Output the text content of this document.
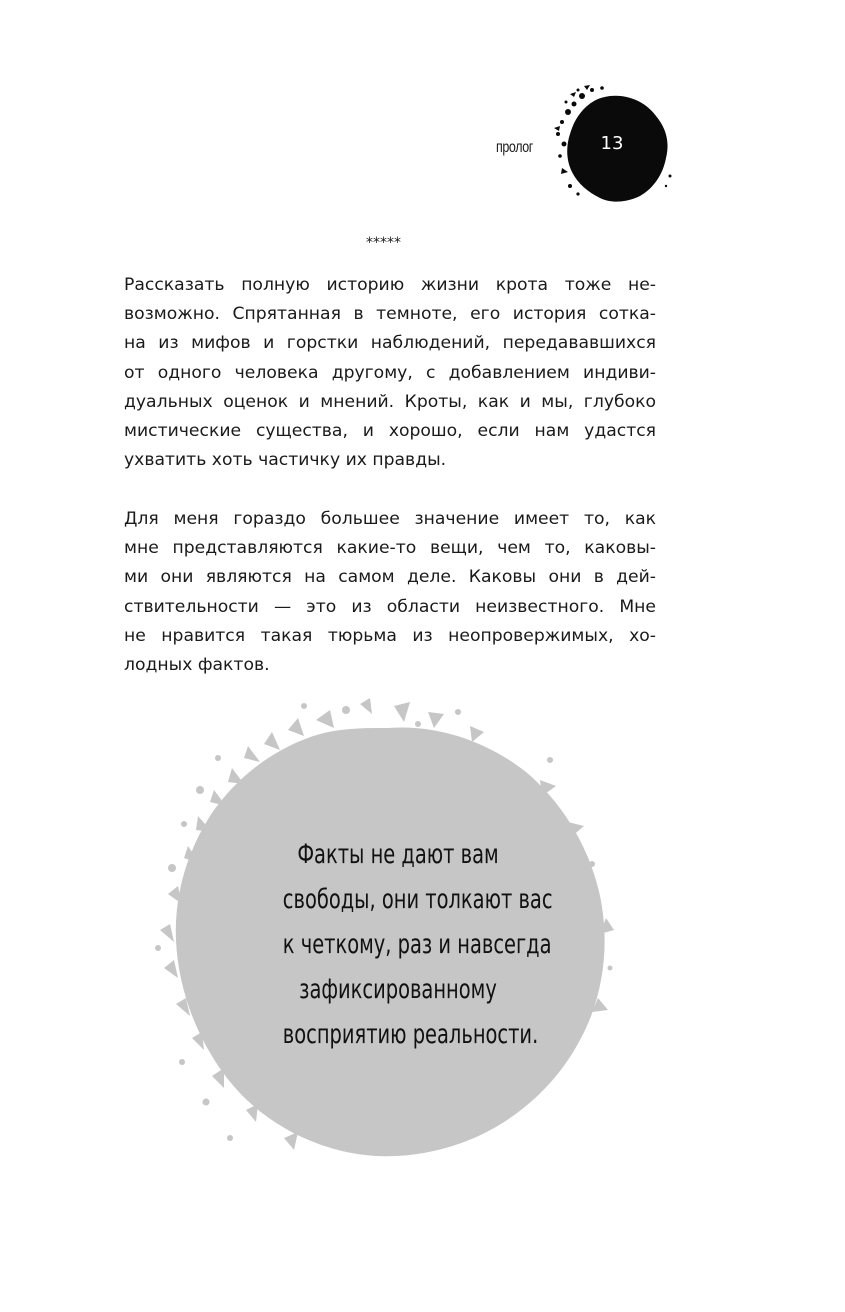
пролог	13
*****
Рассказать полную историю жизни крота тоже не-
возможно. Спрятанная в темноте, его история сотка-
на из мифов и горстки наблюдений, передававшихся
от одного человека другому, с добавлением индиви-
дуальных оценок и мнений. Кроты, как и мы, глубоко
мистические существа, и хорошо, если нам удастся
ухватить хоть частичку их правды.
Для меня гораздо большее значение имеет то, как
мне представляются какие-то вещи, чем то, каковы-
ми они являются на самом деле. Каковы они в дей-
ствительности — это из области неизвестного. Мне
не нравится такая тюрьма из неопровержимых, хо-
лодных фактов.
Факты не дают вам
свободы, они толкают вас
к четкому, раз и навсегда
зафиксированному
восприятию реальности.
